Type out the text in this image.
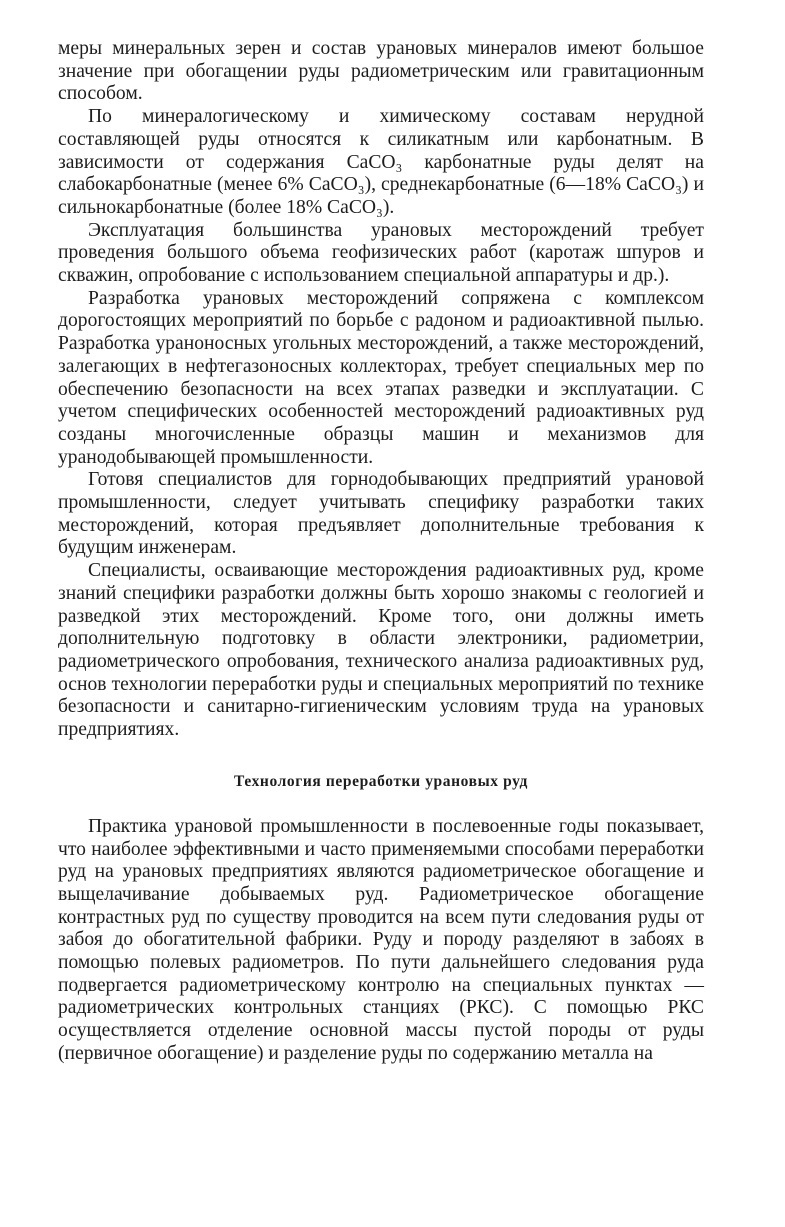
меры минеральных зерен и состав урановых минералов имеют большое значение при обогащении руды радиометрическим или гравитационным способом.

По минералогическому и химическому составам нерудной составляющей руды относятся к силикатным или карбонатным. В зависимости от содержания CaCO₃ карбонатные руды делят на слабокарбонатные (менее 6% CaCO₃), среднекарбонатные (6—18% CaCO₃) и сильнокарбонатные (более 18% CaCO₃).

Эксплуатация большинства урановых месторождений требует проведения большого объема геофизических работ (каротаж шпуров и скважин, опробование с использованием специальной аппаратуры и др.).

Разработка урановых месторождений сопряжена с комплексом дорогостоящих мероприятий по борьбе с радоном и радиоактивной пылью. Разработка ураноносных угольных месторождений, а также месторождений, залегающих в нефтегазоносных коллекторах, требует специальных мер по обеспечению безопасности на всех этапах разведки и эксплуатации. С учетом специфических особенностей месторождений радиоактивных руд созданы многочисленные образцы машин и механизмов для уранодобывающей промышленности.

Готовя специалистов для горнодобывающих предприятий урановой промышленности, следует учитывать специфику разработки таких месторождений, которая предъявляет дополнительные требования к будущим инженерам.

Специалисты, осваивающие месторождения радиоактивных руд, кроме знаний специфики разработки должны быть хорошо знакомы с геологией и разведкой этих месторождений. Кроме того, они должны иметь дополнительную подготовку в области электроники, радиометрии, радиометрического опробования, технического анализа радиоактивных руд, основ технологии переработки руды и специальных мероприятий по технике безопасности и санитарно-гигиеническим условиям труда на урановых предприятиях.

Технология переработки урановых руд

Практика урановой промышленности в послевоенные годы показывает, что наиболее эффективными и часто применяемыми способами переработки руд на урановых предприятиях являются радиометрическое обогащение и выщелачивание добываемых руд. Радиометрическое обогащение контрастных руд по существу проводится на всем пути следования руды от забоя до обогатительной фабрики. Руду и породу разделяют в забоях в помощью полевых радиометров. По пути дальнейшего следования руда подвергается радиометрическому контролю на специальных пунктах — радиометрических контрольных станциях (РКС). С помощью РКС осуществляется отделение основной массы пустой породы от руды (первичное обогащение) и разделение руды по содержанию металла на
